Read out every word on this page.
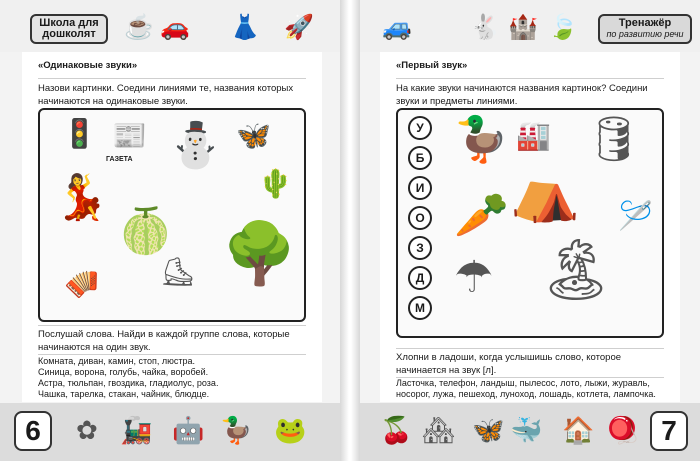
Школа для
дошколят	☕ 🚗 👗 🚀
«Одинаковые звуки»
Назови картинки. Соедини линиями те, названия которых начинаются на одинаковые звуки.
🚦 📰
ГАЗЕТА ⛄ 🦋
🌵
💃
🍈 🌳
🪗 ⛸
Послушай слова. Найди в каждой группе слова, которые начинаются на один звук.
Комната, диван, камин, стоп, люстра.
Синица, ворона, голубь, чайка, воробей.
Астра, тюльпан, гвоздика, гладиолус, роза.
Чашка, тарелка, стакан, чайник, блюдце.
6	✿ 🚂 🤖 🦆 🐸
🚙 🐇 🏰 🍃	Тренажёр
по развитию речи
«Первый звук»
На какие звуки начинаются названия картинок? Соедини звуки и предметы линиями.
У
Б
И
О
З
Д
М
🦆 🏭 🛢
⛺
🥕	🪡
☂ 🏝
Хлопни в ладоши, когда услышишь слово, которое начинается на звук [л].
Ласточка, телефон, ландыш, пылесос, лото, лыжи, журавль,
носорог, лужа, пешеход, луноход, лошадь, котлета, лампочка.
🍒 🏘 🦋 🐳 🏠 🪀 7
